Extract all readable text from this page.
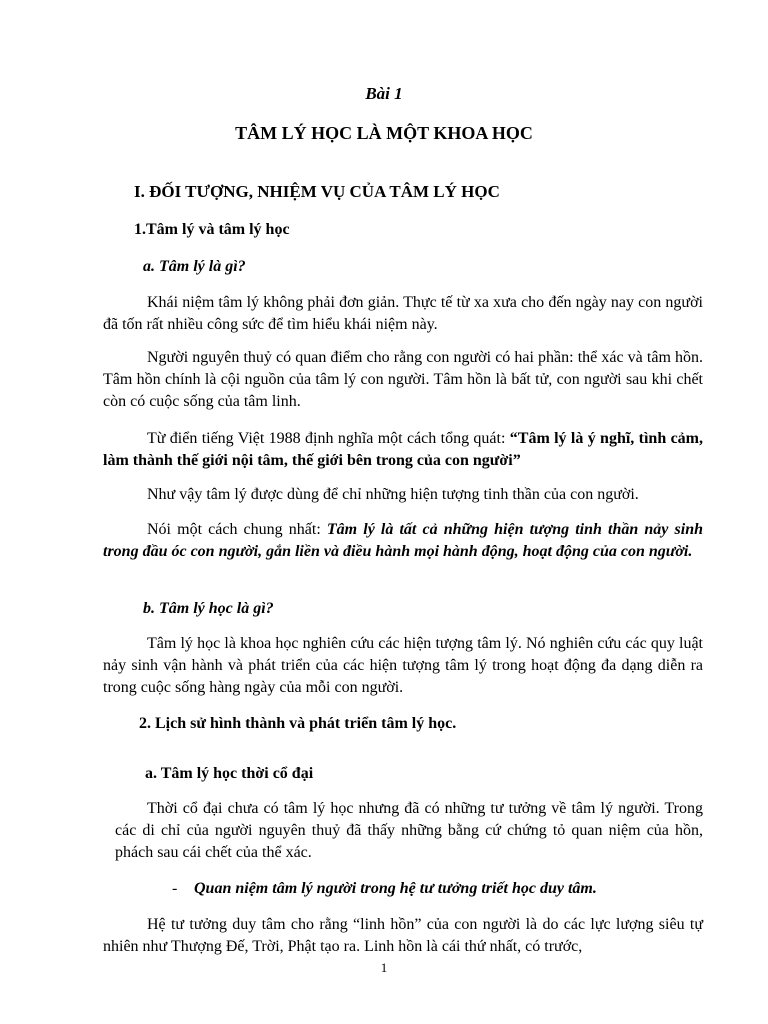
Bài 1
TÂM LÝ HỌC LÀ MỘT KHOA HỌC
I. ĐỐI TƯỢNG, NHIỆM VỤ CỦA TÂM LÝ HỌC
1.Tâm lý và tâm lý học
a. Tâm lý là gì?
Khái niệm tâm lý không phải đơn giản. Thực tế từ xa xưa cho đến ngày nay con người đã tốn rất nhiều công sức để tìm hiểu khái niệm này.
Người nguyên thuỷ có quan điểm cho rằng con người có hai phần: thể xác và tâm hồn. Tâm hồn chính là cội nguồn của tâm lý con người. Tâm hồn là bất tử, con người sau khi chết còn có cuộc sống của tâm linh.
Từ điển tiếng Việt 1988 định nghĩa một cách tổng quát: “Tâm lý là ý nghĩ, tình cảm, làm thành thế giới nội tâm, thế giới bên trong của con người”
Như vậy tâm lý được dùng để chỉ những hiện tượng tinh thần của con người.
Nói một cách chung nhất: Tâm lý là tất cả những hiện tượng tinh thần nảy sinh trong đầu óc con người, gắn liền và điều hành mọi hành động, hoạt động của con người.
b. Tâm lý học là gì?
Tâm lý học là khoa học nghiên cứu các hiện tượng tâm lý. Nó nghiên cứu các quy luật nảy sinh vận hành và phát triển của các hiện tượng tâm lý trong hoạt động đa dạng diễn ra trong cuộc sống hàng ngày của mỗi con người.
2. Lịch sử hình thành và phát triển tâm lý học.
a. Tâm lý học thời cổ đại
Thời cổ đại chưa có tâm lý học nhưng đã có những tư tưởng về tâm lý người. Trong các di chỉ của người nguyên thuỷ đã thấy những bằng cứ chứng tỏ quan niệm của hồn, phách sau cái chết của thể xác.
- Quan niệm tâm lý người trong hệ tư tưởng triết học duy tâm.
Hệ tư tưởng duy tâm cho rằng “linh hồn” của con người là do các lực lượng siêu tự nhiên như Thượng Đế, Trời, Phật tạo ra. Linh hồn là cái thứ nhất, có trước,
1
